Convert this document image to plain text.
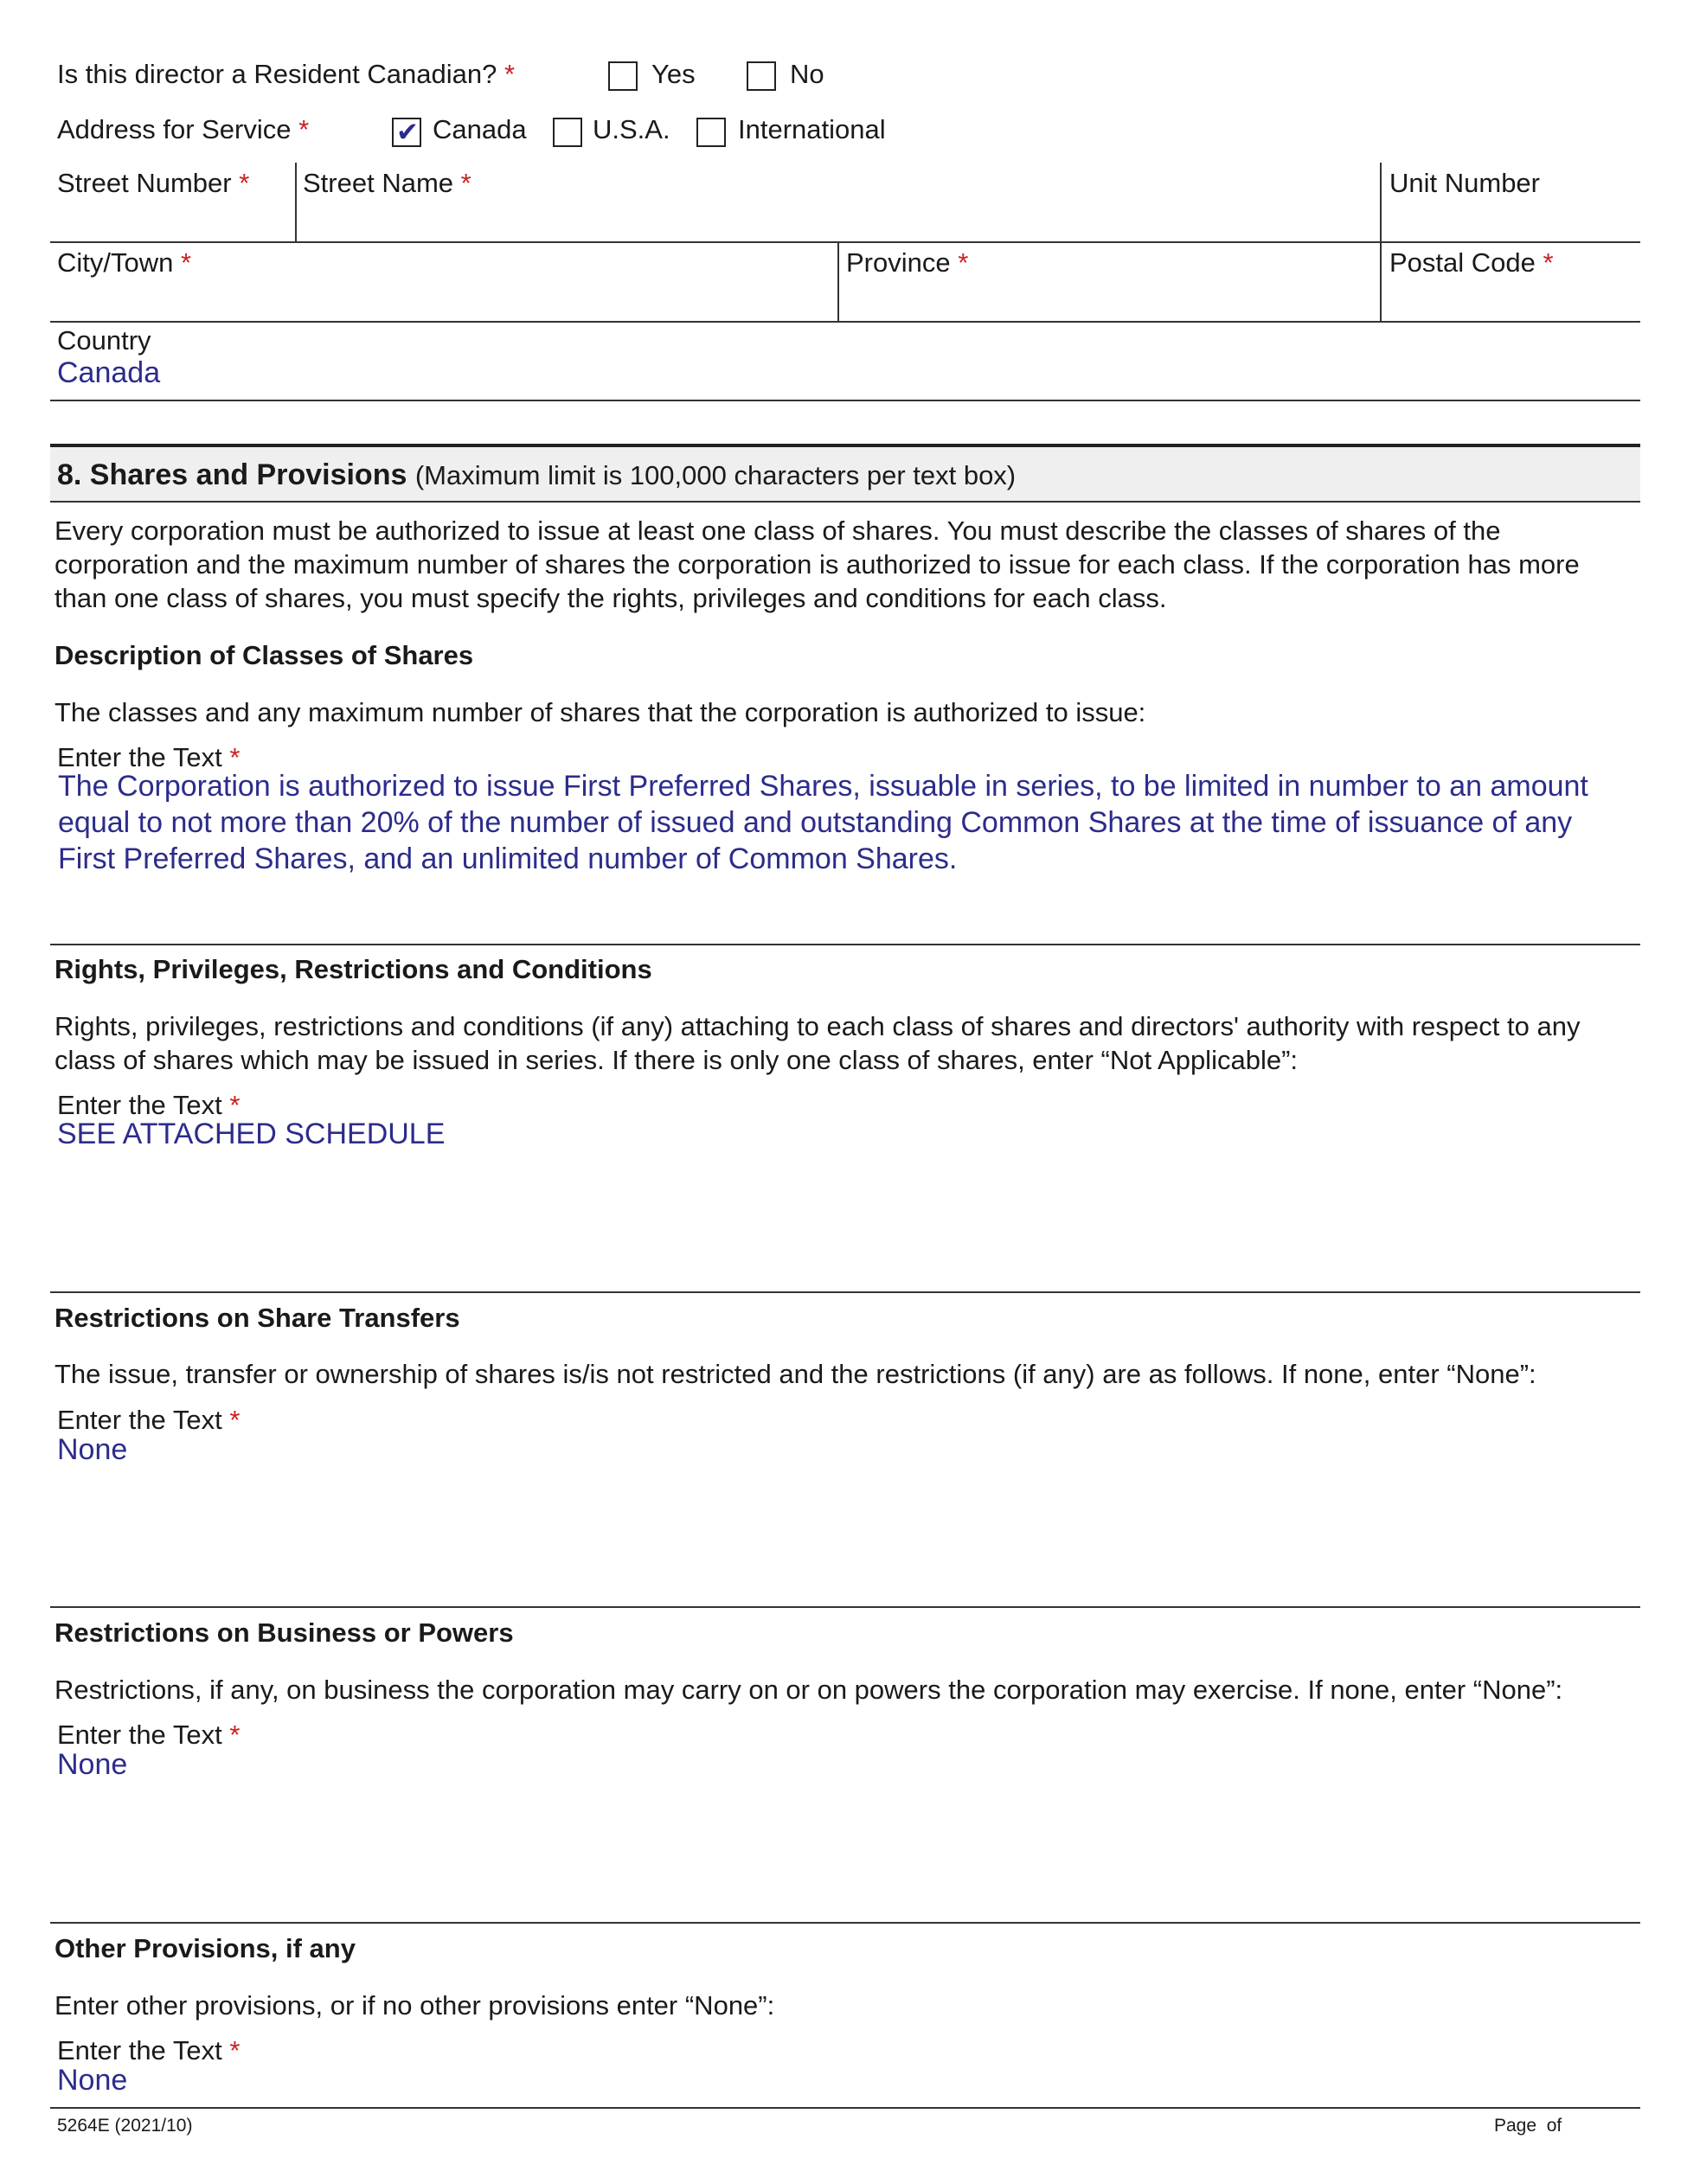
Is this director a Resident Canadian? *	Yes	No
Address for Service *	✔ Canada U.S.A.	International
Street Number * Street Name *	Unit Number
City/Town *	Province *	Postal Code *
Country
Canada
8. Shares and Provisions (Maximum limit is 100,000 characters per text box)
Every corporation must be authorized to issue at least one class of shares. You must describe the classes of shares of the corporation and the maximum number of shares the corporation is authorized to issue for each class. If the corporation has more than one class of shares, you must specify the rights, privileges and conditions for each class.
Description of Classes of Shares
The classes and any maximum number of shares that the corporation is authorized to issue:
Enter the Text *
The Corporation is authorized to issue First Preferred Shares, issuable in series, to be limited in number to an amount equal to not more than 20% of the number of issued and outstanding Common Shares at the time of issuance of any First Preferred Shares, and an unlimited number of Common Shares.
Rights, Privileges, Restrictions and Conditions
Rights, privileges, restrictions and conditions (if any) attaching to each class of shares and directors' authority with respect to any class of shares which may be issued in series. If there is only one class of shares, enter “Not Applicable”:
Enter the Text *
SEE ATTACHED SCHEDULE
Restrictions on Share Transfers
The issue, transfer or ownership of shares is/is not restricted and the restrictions (if any) are as follows. If none, enter “None”:
Enter the Text *
None
Restrictions on Business or Powers
Restrictions, if any, on business the corporation may carry on or on powers the corporation may exercise. If none, enter “None”:
Enter the Text *
None
Other Provisions, if any
Enter other provisions, or if no other provisions enter “None”:
Enter the Text *
None
5264E (2021/10)	Page of
